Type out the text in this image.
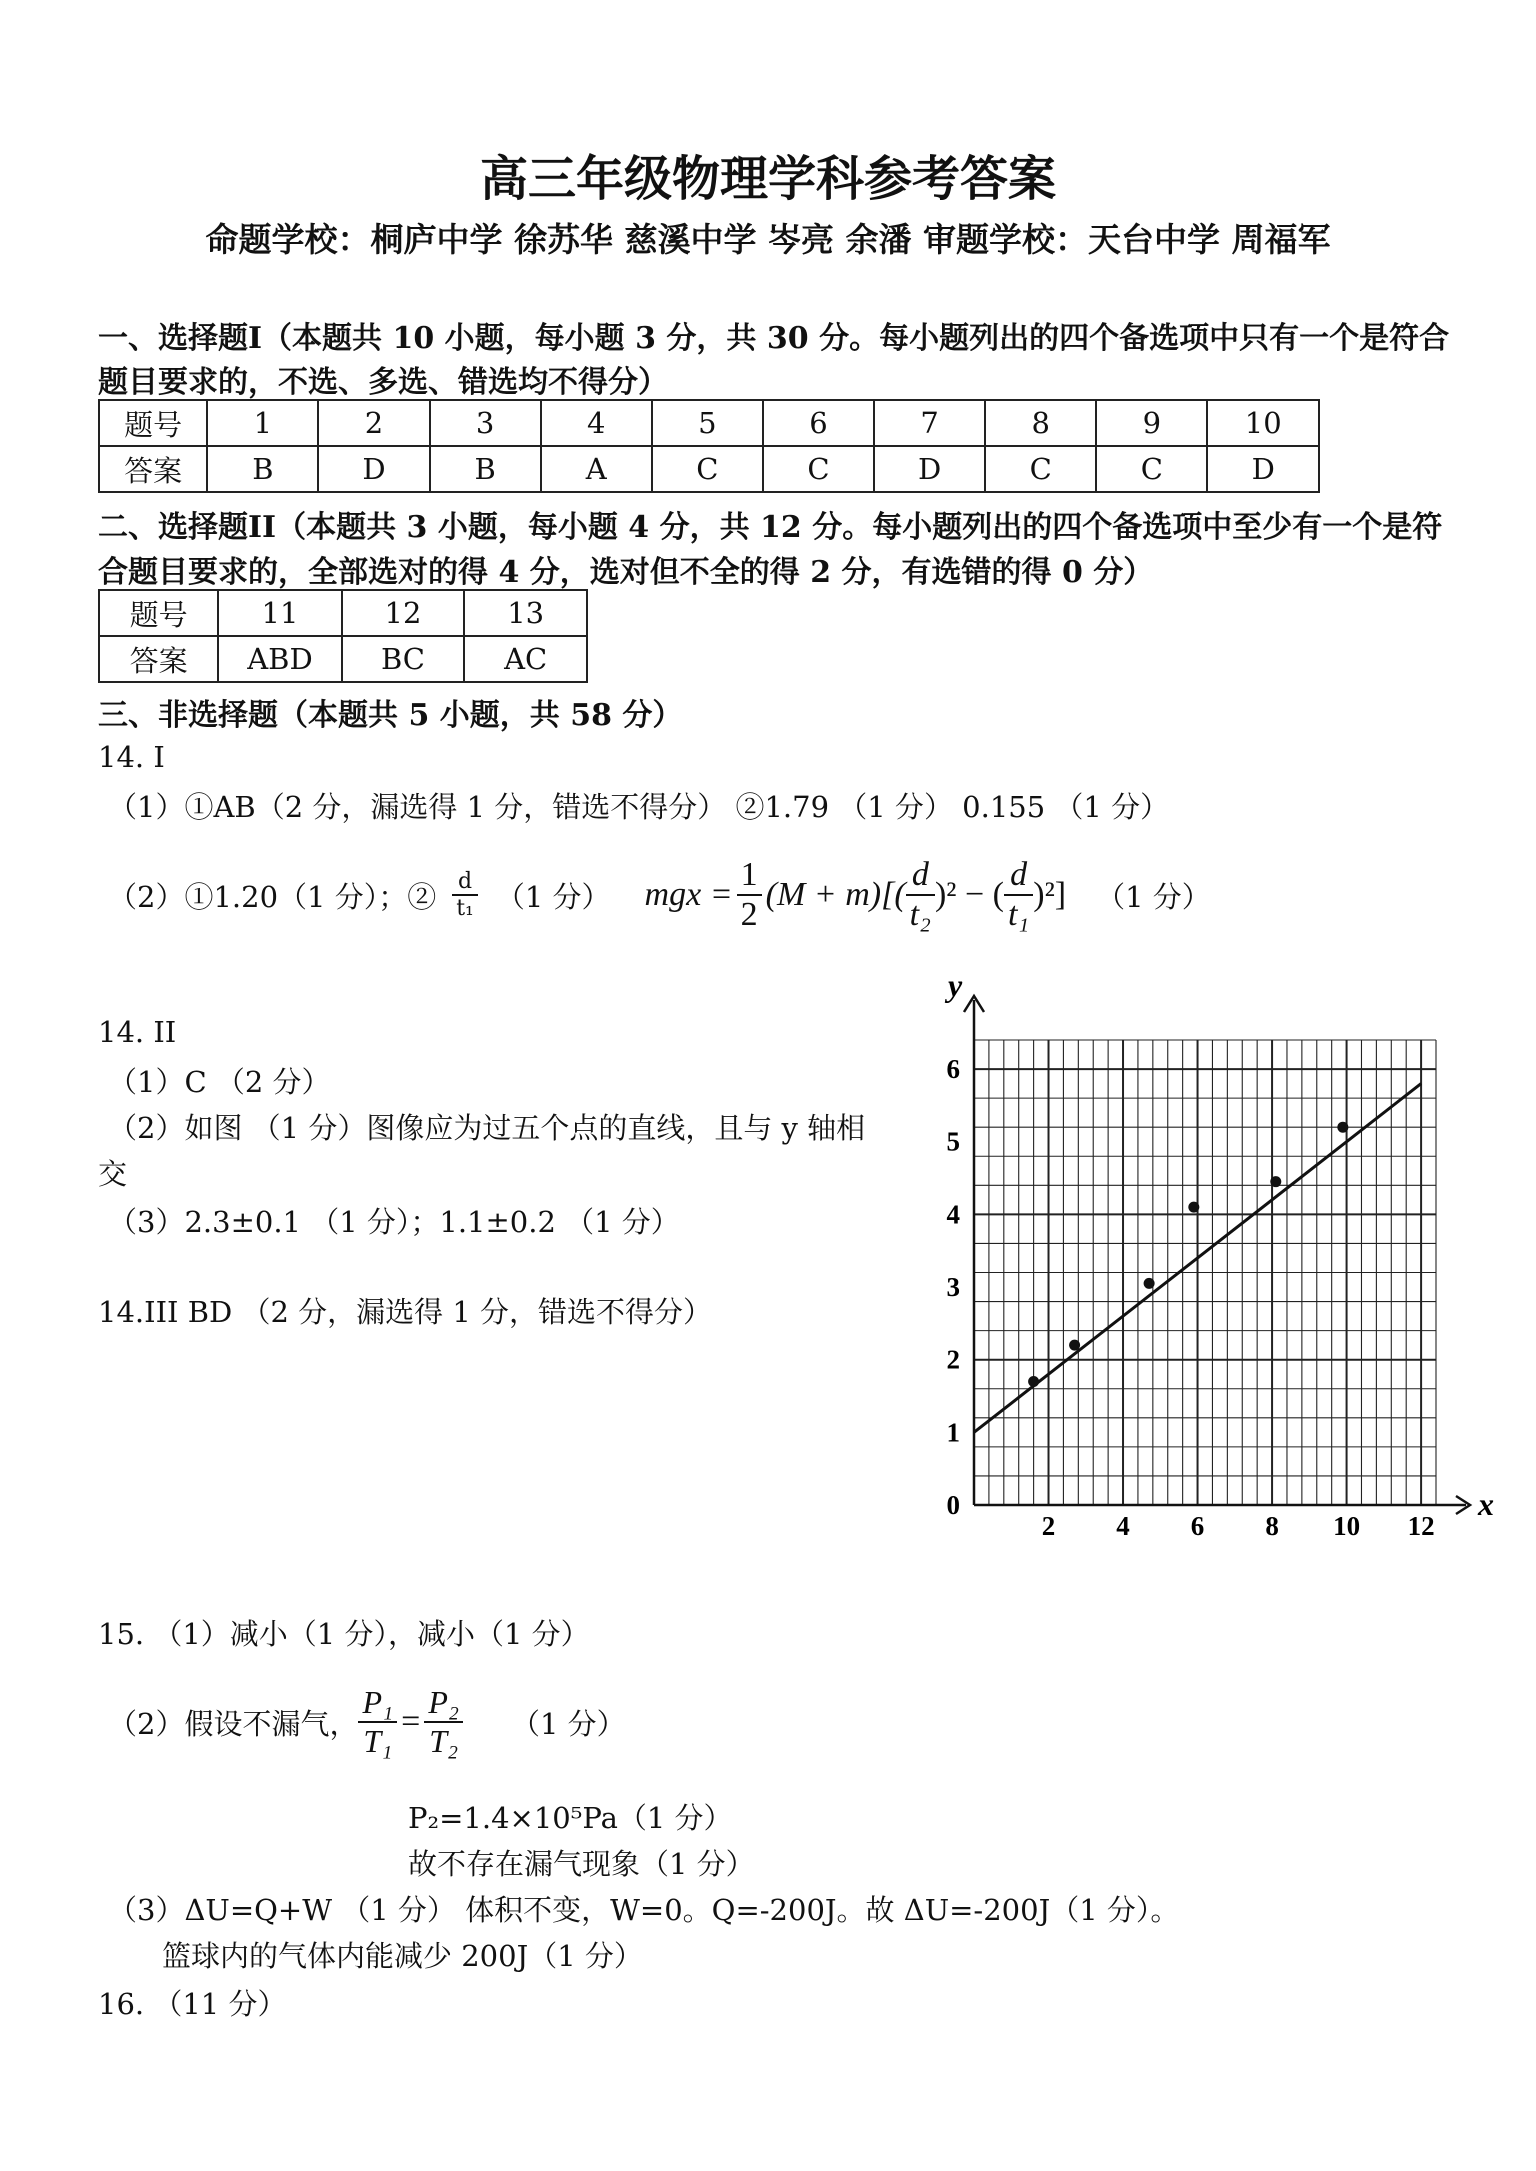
高三年级物理学科参考答案
命题学校：桐庐中学 徐苏华 慈溪中学 岑亮 余潘 审题学校：天台中学 周福军
一、选择题I（本题共 10 小题，每小题 3 分，共 30 分。每小题列出的四个备选项中只有一个是符合
题目要求的，不选、多选、错选均不得分）
题号	1	2	3	4	5	6	7	8	9	10
答案	B	D	B	A	C	C	D	C	C	D
二、选择题II（本题共 3 小题，每小题 4 分，共 12 分。每小题列出的四个备选项中至少有一个是符
合题目要求的，全部选对的得 4 分，选对但不全的得 2 分，有选错的得 0 分）
题号	11	12	13
答案	ABD	BC	AC
三、非选择题（本题共 5 小题，共 58 分）
14. I
（1）①AB（2 分，漏选得 1 分，错选不得分） ②1.79 （1 分） 0.155 （1 分）
（2）①1.20（1 分）；② $\frac{d}{\text{t₁}} (1$ 分） mgx = $\frac{1}{2} (M + m)[( \frac{d}{\text{t₂}} )^2$ − ( $\frac{d}{\text{t₁}} )^2$] （1 分）
14. II
（1）C （2 分）
（2）如图 （1 分）图像应为过五个点的直线，且与 y 轴相
交
（3）2.3±0.1 （1 分）；1.1±0.2 （1 分）
14.III BD （2 分，漏选得 1 分，错选不得分）
2 4 6 8 10 12
0
1
2
3
4
5
6
x
y
15. （1）减小（1 分），减小（1 分）
（2）假设不漏气， $\frac{\text{P₁}}{\text{T₁}} = \frac{\text{P₂}}{\text{T₂}} (1$ 分）
P₂=1.4×10⁵Pa（1 分）
故不存在漏气现象（1 分）
（3）ΔU=Q+W （1 分） 体积不变，W=0。Q=-200J。故 ΔU=-200J（1 分）。
篮球内的气体内能减少 200J（1 分）
16. （11 分）
